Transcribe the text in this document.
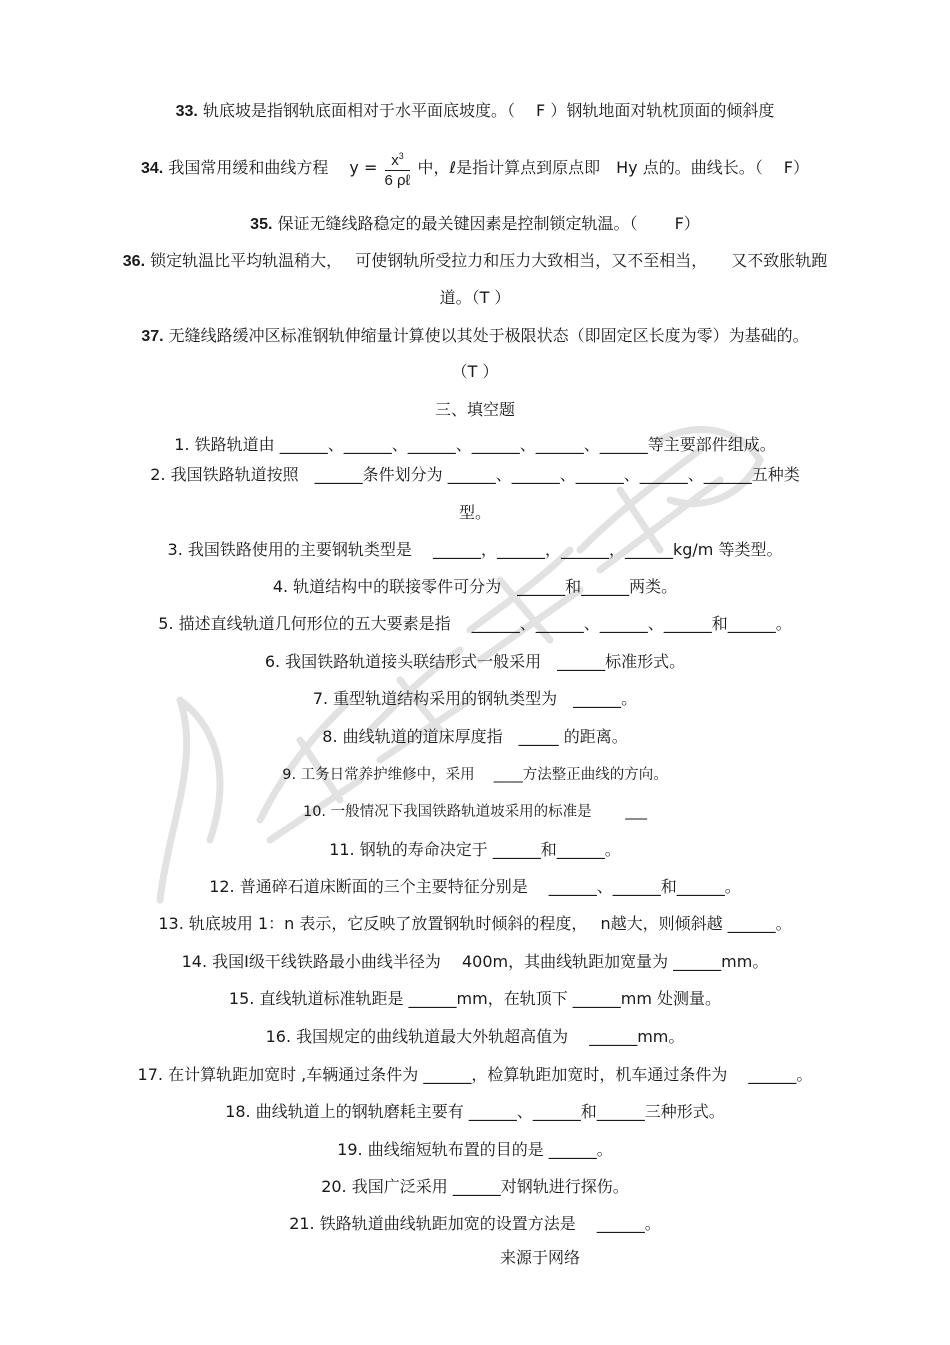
33. 轨底坡是指钢轨底面相对于水平面底坡度。（　 F ）钢轨地面对轨枕顶面的倾斜度
34. 我国常用缓和曲线方程　 $y = \frac{x^3}{\text{6 ρℓ}}$ 中，ℓ是指计算点到原点即　Hy 点的。曲线长。（　 F）
35. 保证无缝线路稳定的最关键因素是控制锁定轨温。（　　 F）
36. 锁定轨温比平均轨温稍大，　 可使钢轨所受拉力和压力大致相当，又不至相当，　　又不致胀轨跑
道。（T ）
37. 无缝线路缓冲区标准钢轨伸缩量计算使以其处于极限状态（即固定区长度为零）为基础的。
（T ）
三、填空题
1. 铁路轨道由 ______、______、______、______、______、______等主要部件组成。
2. 我国铁路轨道按照　______条件划分为 ______、______、______、______、______五种类
型。
3. 我国铁路使用的主要钢轨类型是　 ______，______，______，______kg/m 等类型。
4. 轨道结构中的联接零件可分为　______和______两类。
5. 描述直线轨道几何形位的五大要素是指　 ______、______、______、______和______。
6. 我国铁路轨道接头联结形式一般采用　______标准形式。
7. 重型轨道结构采用的钢轨类型为　______。
8. 曲线轨道的道床厚度指　_____ 的距离。
9. 工务日常养护维修中，采用　 ____方法整正曲线的方向。
10. 一般情况下我国铁路轨道坡采用的标准是　　 ___
11. 钢轨的寿命决定于 ______和______。
12. 普通碎石道床断面的三个主要特征分别是　 ______、______和______。
13. 轨底坡用 1：n 表示，它反映了放置钢轨时倾斜的程度，　 n越大，则倾斜越 ______。
14. 我国Ⅰ级干线铁路最小曲线半径为　 400m，其曲线轨距加宽量为 ______mm。
15. 直线轨道标准轨距是 ______mm，在轨顶下 ______mm 处测量。
16. 我国规定的曲线轨道最大外轨超高值为　 ______mm。
17. 在计算轨距加宽时 ,车辆通过条件为 ______，检算轨距加宽时，机车通过条件为　 ______。
18. 曲线轨道上的钢轨磨耗主要有 ______、______和______三种形式。
19. 曲线缩短轨布置的目的是 ______。
20. 我国广泛采用 ______对钢轨进行探伤。
21. 铁路轨道曲线轨距加宽的设置方法是　 ______。
来源于网络
